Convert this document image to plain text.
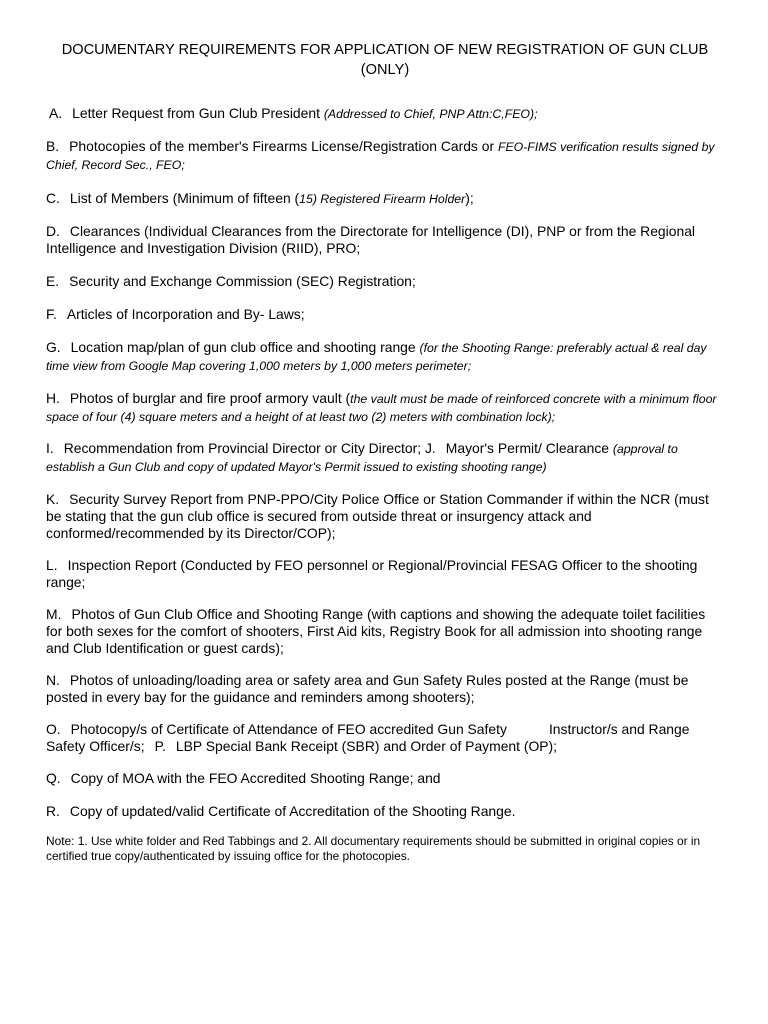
DOCUMENTARY REQUIREMENTS FOR APPLICATION OF NEW REGISTRATION OF GUN CLUB
(ONLY)

A. Letter Request from Gun Club President (Addressed to Chief, PNP Attn:C,FEO);

B. Photocopies of the member's Firearms License/Registration Cards or FEO-FIMS verification results signed by Chief, Record Sec., FEO;

C. List of Members (Minimum of fifteen (15) Registered Firearm Holder);

D. Clearances (Individual Clearances from the Directorate for Intelligence (DI), PNP or from the Regional Intelligence and Investigation Division (RIID), PRO;

E. Security and Exchange Commission (SEC) Registration;

F. Articles of Incorporation and By- Laws;

G. Location map/plan of gun club office and shooting range (for the Shooting Range: preferably actual & real day time view from Google Map covering 1,000 meters by 1,000 meters perimeter;

H. Photos of burglar and fire proof armory vault (the vault must be made of reinforced concrete with a minimum floor space of four (4) square meters and a height of at least two (2) meters with combination lock);

I. Recommendation from Provincial Director or City Director; J. Mayor's Permit/ Clearance (approval to establish a Gun Club and copy of updated Mayor's Permit issued to existing shooting range)

K. Security Survey Report from PNP-PPO/City Police Office or Station Commander if within the NCR (must be stating that the gun club office is secured from outside threat or insurgency attack and conformed/recommended by its Director/COP);

L. Inspection Report (Conducted by FEO personnel or Regional/Provincial FESAG Officer to the shooting range;

M. Photos of Gun Club Office and Shooting Range (with captions and showing the adequate toilet facilities for both sexes for the comfort of shooters, First Aid kits, Registry Book for all admission into shooting range and Club Identification or guest cards);

N. Photos of unloading/loading area or safety area and Gun Safety Rules posted at the Range (must be posted in every bay for the guidance and reminders among shooters);

O. Photocopy/s of Certificate of Attendance of FEO accredited Gun Safety	Instructor/s and Range Safety Officer/s; P. LBP Special Bank Receipt (SBR) and Order of Payment (OP);

Q. Copy of MOA with the FEO Accredited Shooting Range; and

R. Copy of updated/valid Certificate of Accreditation of the Shooting Range.

Note: 1. Use white folder and Red Tabbings and 2. All documentary requirements should be submitted in original copies or in certified true copy/authenticated by issuing office for the photocopies.
